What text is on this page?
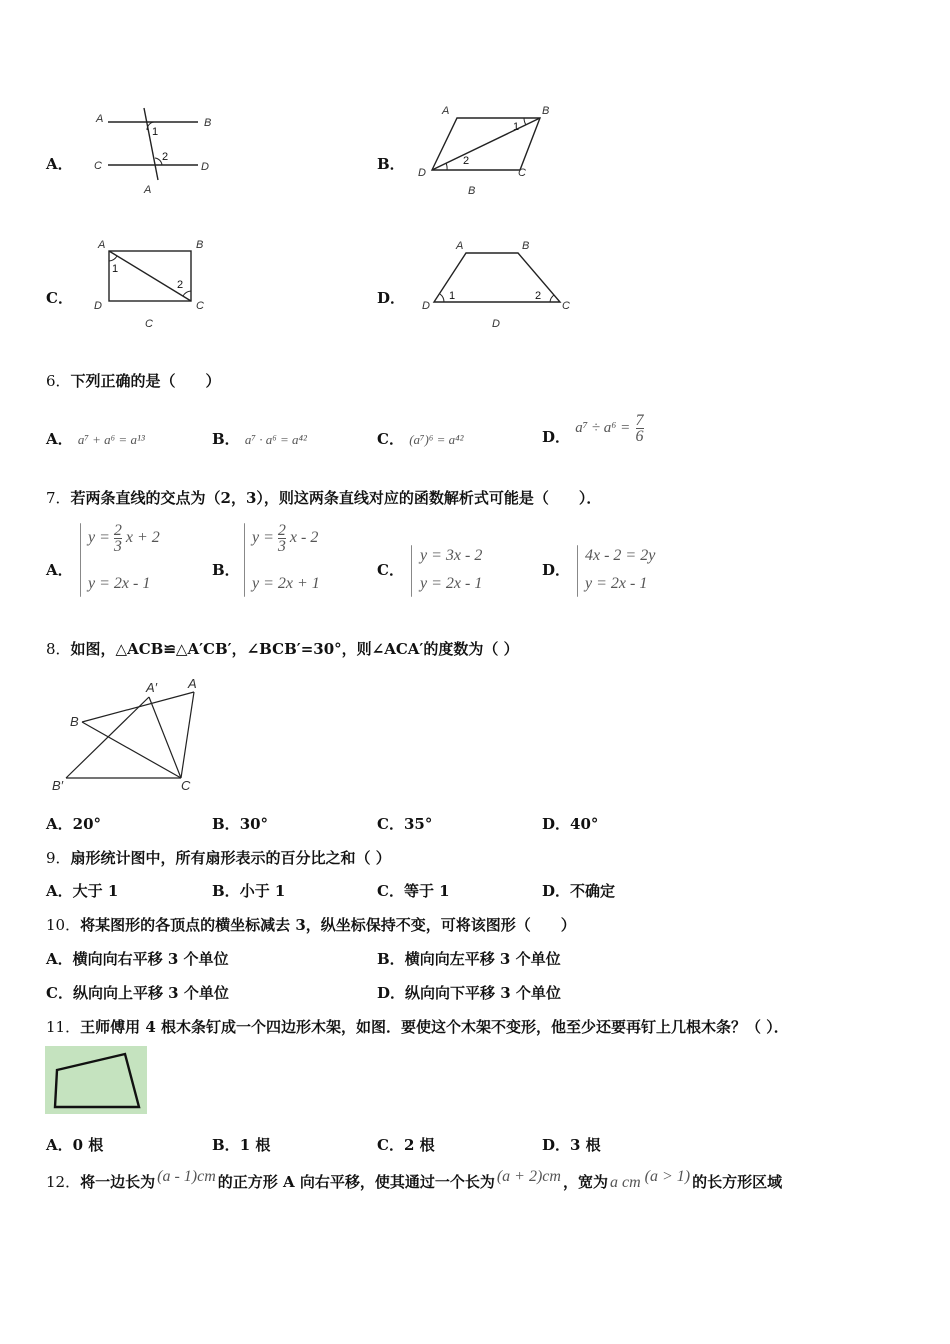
A．
A	B
C	D
1
2
A
B．
A	B
D	C
1
2
B
C．
A	B
D	C
1
2
C
D．
A	B
D	C
1	2
D
6．下列正确的是（　　）
A． a⁷ + a⁶ = a¹³	B． a⁷ · a⁶ = a⁴²	C． (a⁷)⁶ = a⁴²	D． $a^7 \div a^6 = \frac{7}{6}$
7．若两条直线的交点为（2，3），则这两条直线对应的函数解析式可能是（　　）．
A．
$y = \frac{2}{3}$ x + 2
y = 2x - 1
B．
$y = \frac{2}{3}$ x - 2
y = 2x + 1
C．
y = 3x - 2
y = 2x - 1
D．
4x - 2 = 2y
y = 2x - 1
8．如图，△ACB≌△A′CB′，∠BCB′=30°，则∠ACA′的度数为（ ）
A′ A
B
B′	C
A．20°	B．30°	C．35°	D．40°
9．扇形统计图中，所有扇形表示的百分比之和（ ）
A．大于 1	B．小于 1	C．等于 1	D．不确定
10．将某图形的各顶点的横坐标减去 3，纵坐标保持不变，可将该图形（　　）
A．横向向右平移 3 个单位	B．横向向左平移 3 个单位
C．纵向向上平移 3 个单位	D．纵向向下平移 3 个单位
11．王师傅用 4 根木条钉成一个四边形木架，如图．要使这个木架不变形，他至少还要再钉上几根木条？（ ）．
A．0 根	B．1 根	C．2 根	D．3 根
12．将一边长为 (a - 1)cm 的正方形 A 向右平移，使其通过一个长为 (a + 2)cm ，宽为 a cm (a > 1) 的长方形区域
